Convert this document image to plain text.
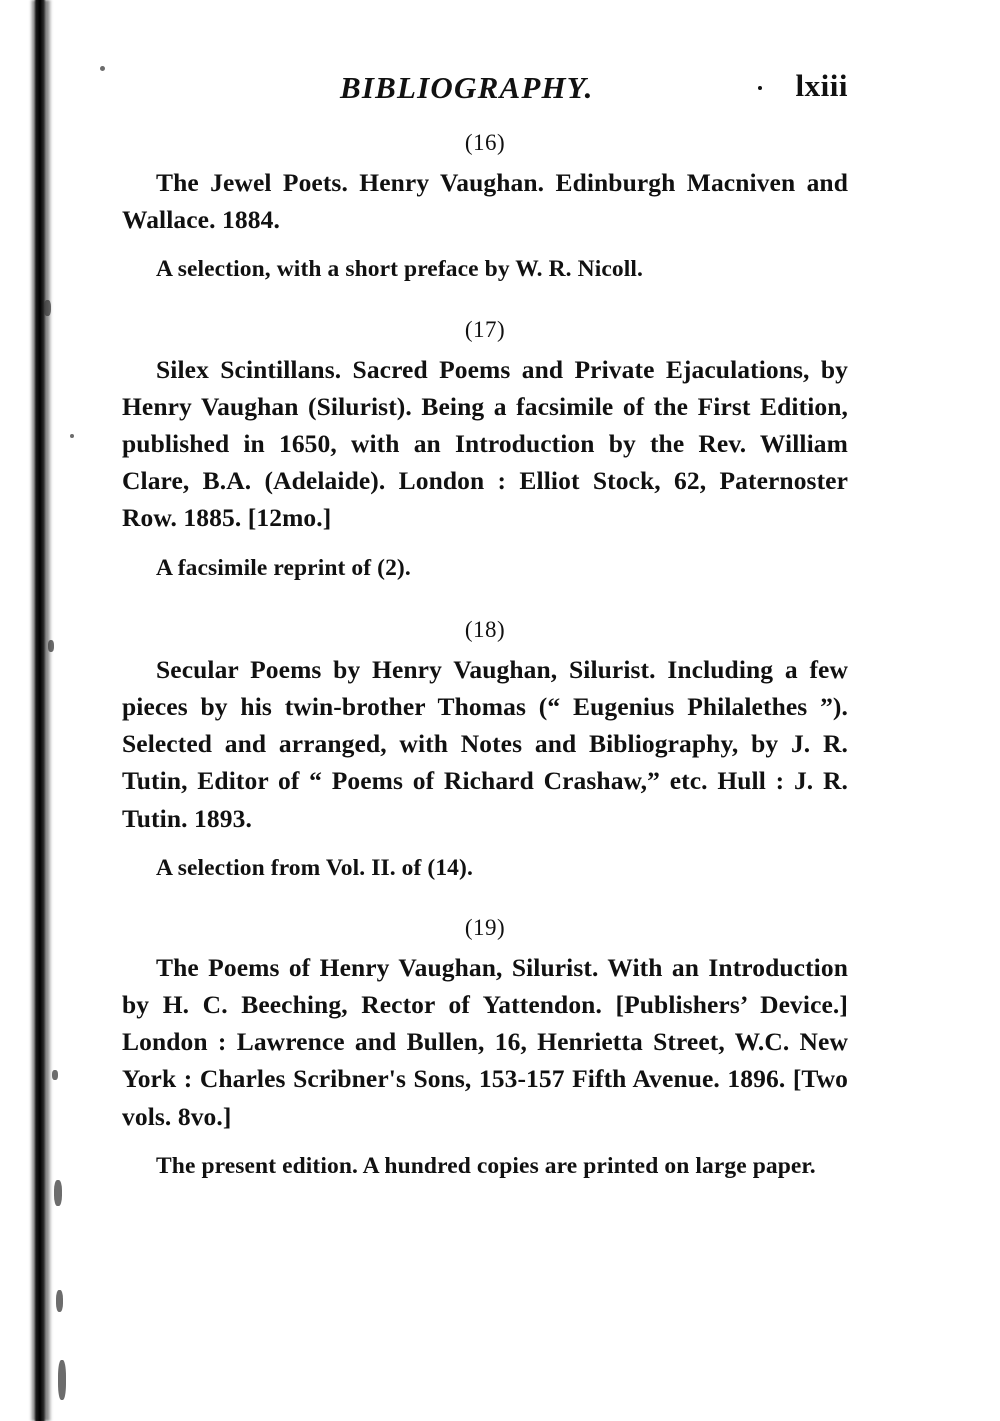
BIBLIOGRAPHY.	lxiii
(16)
The Jewel Poets. Henry Vaughan. Edinburgh Macniven and Wallace. 1884.
A selection, with a short preface by W. R. Nicoll.
(17)
Silex Scintillans. Sacred Poems and Private Ejaculations, by Henry Vaughan (Silurist). Being a facsimile of the First Edition, published in 1650, with an Introduction by the Rev. William Clare, B.A. (Adelaide). London : Elliot Stock, 62, Paternoster Row. 1885. [12mo.]
A facsimile reprint of (2).
(18)
Secular Poems by Henry Vaughan, Silurist. Including a few pieces by his twin-brother Thomas (“ Eugenius Philalethes ”). Selected and arranged, with Notes and Bibliography, by J. R. Tutin, Editor of “ Poems of Richard Crashaw,” etc. Hull : J. R. Tutin. 1893.
A selection from Vol. II. of (14).
(19)
The Poems of Henry Vaughan, Silurist. With an Introduction by H. C. Beeching, Rector of Yattendon. [Publishers’ Device.] London : Lawrence and Bullen, 16, Henrietta Street, W.C. New York : Charles Scribner's Sons, 153-157 Fifth Avenue. 1896. [Two vols. 8vo.]
The present edition. A hundred copies are printed on large paper.
